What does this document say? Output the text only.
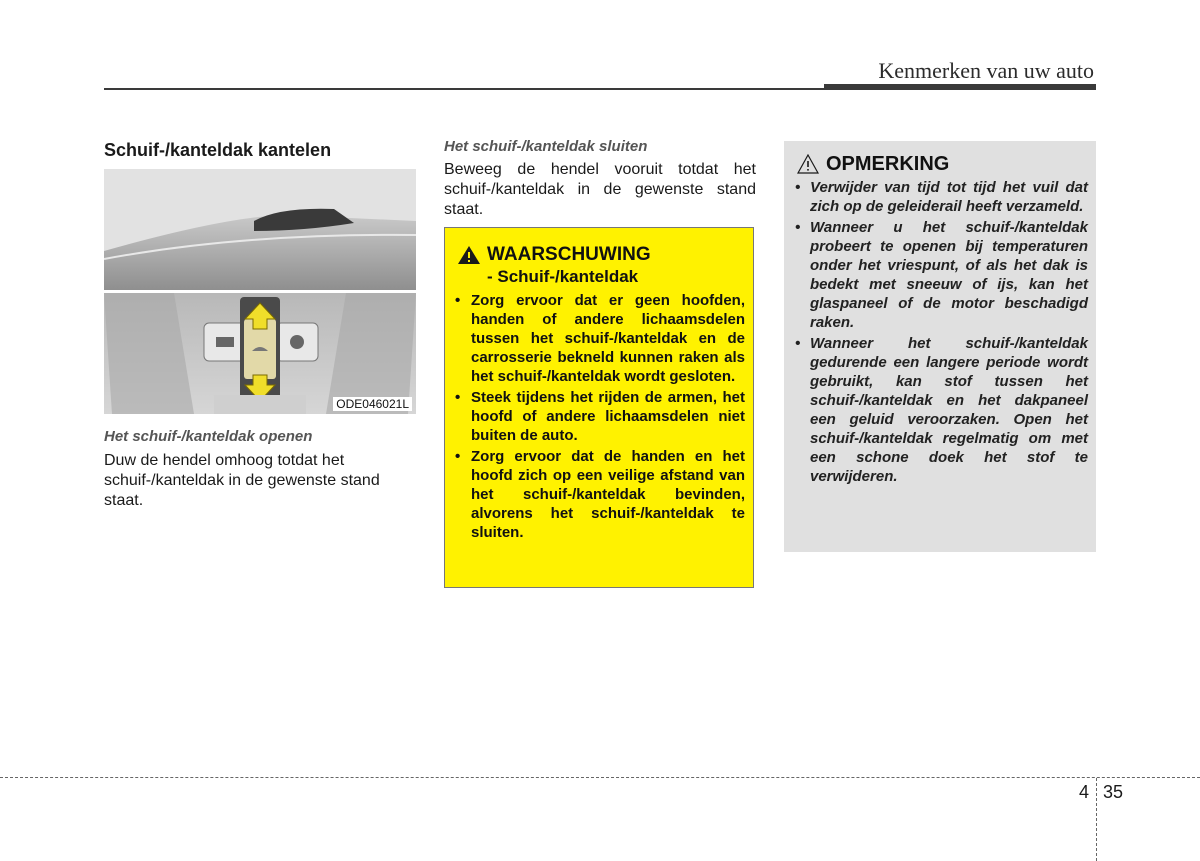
Kenmerken van uw auto
Schuif-/kanteldak kantelen
ODE046021L
Het schuif-/kanteldak openen
Duw de hendel omhoog totdat het schuif-/kanteldak in de gewenste stand staat.
Het schuif-/kanteldak sluiten
Beweeg de hendel vooruit totdat het schuif-/kanteldak in de gewenste stand staat.
WAARSCHUWING
- Schuif-/kanteldak
• Zorg ervoor dat er geen hoofden, handen of andere lichaamsdelen tussen het schuif-/kanteldak en de carrosserie bekneld kunnen raken als het schuif-/kanteldak wordt gesloten.
• Steek tijdens het rijden de armen, het hoofd of andere lichaamsdelen niet buiten de auto.
• Zorg ervoor dat de handen en het hoofd zich op een veilige afstand van het schuif-/kanteldak bevinden, alvorens het schuif-/kanteldak te sluiten.
OPMERKING
• Verwijder van tijd tot tijd het vuil dat zich op de geleiderail heeft verzameld.
• Wanneer u het schuif-/kanteldak probeert te openen bij temperaturen onder het vriespunt, of als het dak is bedekt met sneeuw of ijs, kan het glaspaneel of de motor beschadigd raken.
• Wanneer het schuif-/kanteldak gedurende een langere periode wordt gebruikt, kan stof tussen het schuif-/kanteldak en het dakpaneel een geluid veroorzaken. Open het schuif-/kanteldak regelmatig om met een schone doek het stof te verwijderen.
4 35
